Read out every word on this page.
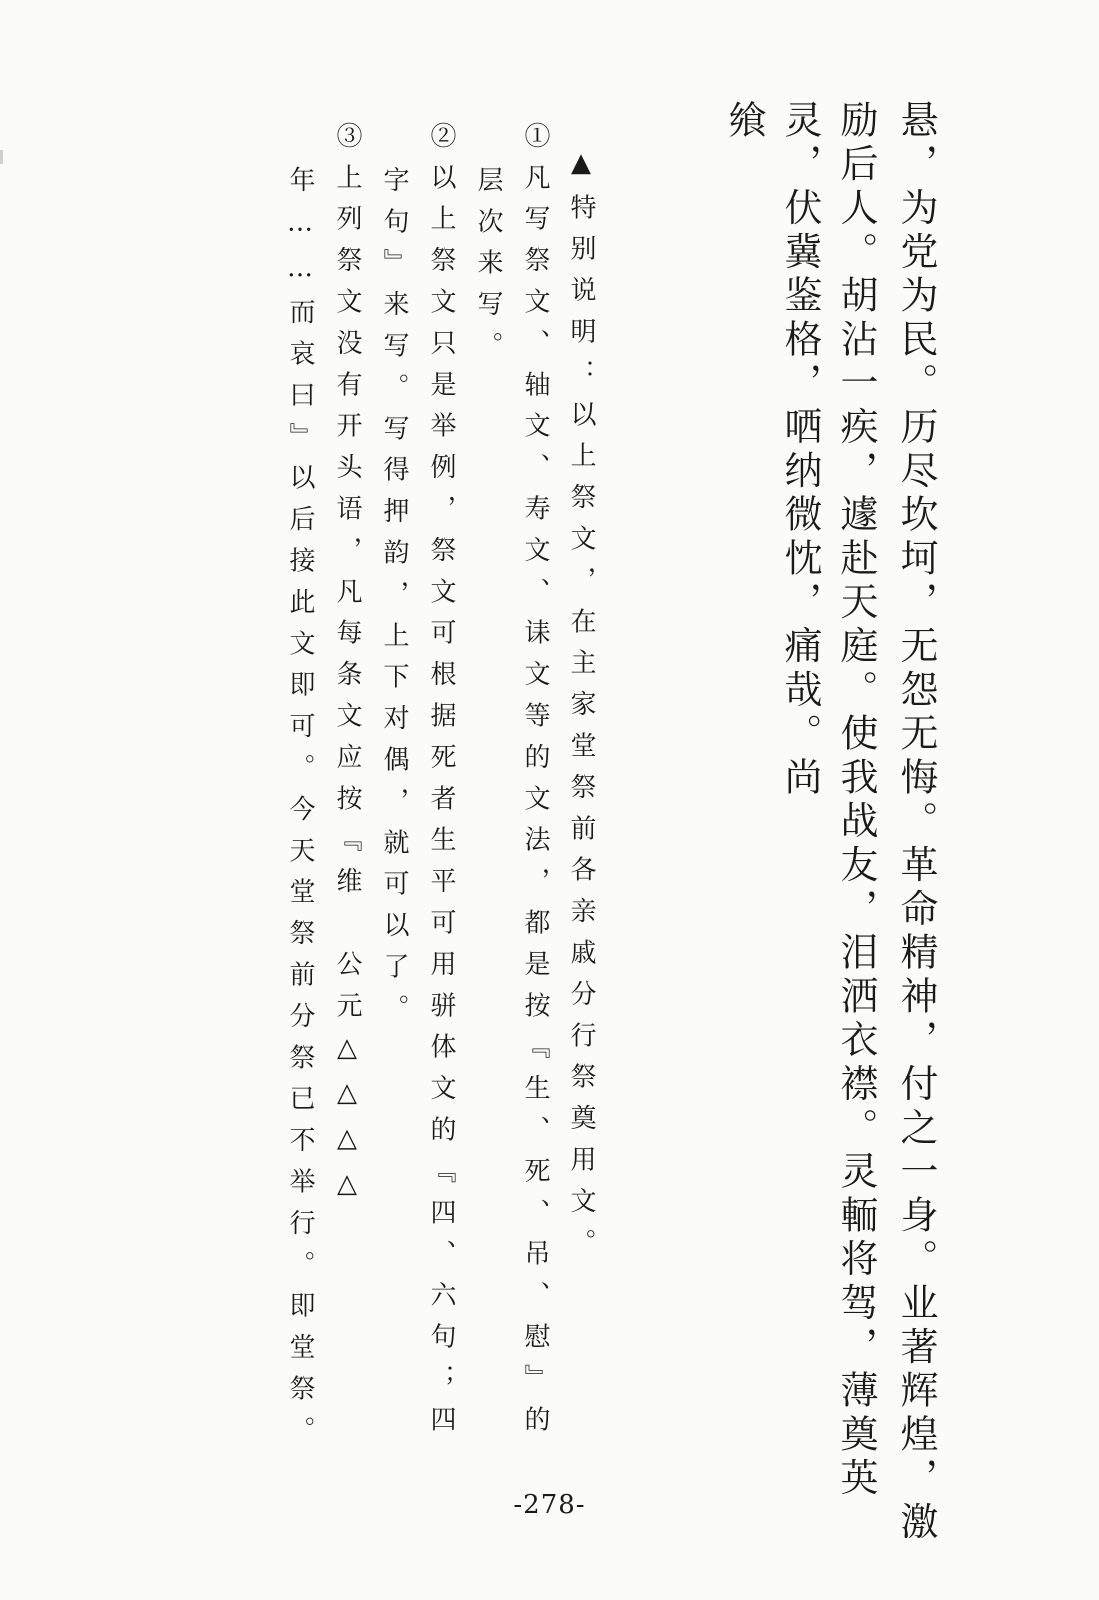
悬，为党为民。历尽坎坷，无怨无悔。革命精神，付之一身。业著辉煌，激

励后人。胡沾一疾，遽赴天庭。使我战友，泪洒衣襟。灵輀将驾，薄奠英

灵，伏冀鉴格，哂纳微忱，痛哉。尚

飨

▲特别说明：以上祭文，在主家堂祭前各亲戚分行祭奠用文。

①凡写祭文、轴文、寿文、诔文等的文法，都是按『生、死、吊、慰』的

层次来写。

②以上祭文只是举例，祭文可根据死者生平可用骈体文的『四、六句；四

字句』来写。写得押韵，上下对偶，就可以了。

③上列祭文没有开头语，凡每条文应按『维　公元△△△△

年……而哀曰』以后接此文即可。今天堂祭前分祭已不举行。即堂祭。

-278-
